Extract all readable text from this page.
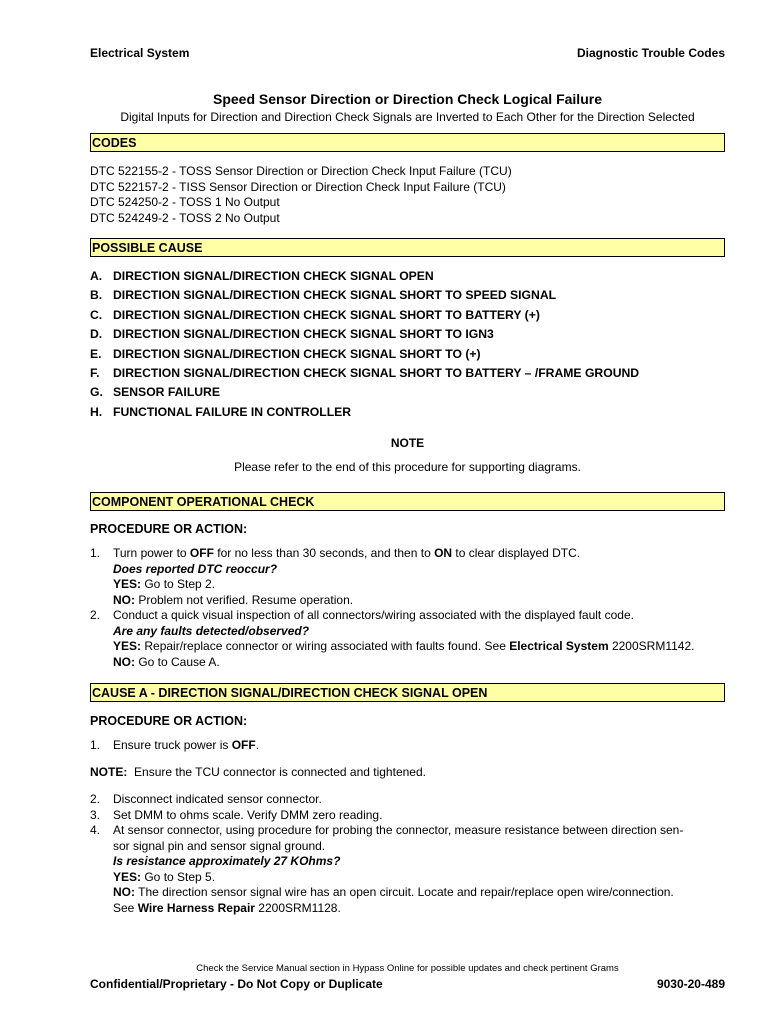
Electrical System	Diagnostic Trouble Codes
Speed Sensor Direction or Direction Check Logical Failure
Digital Inputs for Direction and Direction Check Signals are Inverted to Each Other for the Direction Selected
CODES
DTC 522155-2 - TOSS Sensor Direction or Direction Check Input Failure (TCU)
DTC 522157-2 - TISS Sensor Direction or Direction Check Input Failure (TCU)
DTC 524250-2 - TOSS 1 No Output
DTC 524249-2 - TOSS 2 No Output
POSSIBLE CAUSE
A. DIRECTION SIGNAL/DIRECTION CHECK SIGNAL OPEN
B. DIRECTION SIGNAL/DIRECTION CHECK SIGNAL SHORT TO SPEED SIGNAL
C. DIRECTION SIGNAL/DIRECTION CHECK SIGNAL SHORT TO BATTERY (+)
D. DIRECTION SIGNAL/DIRECTION CHECK SIGNAL SHORT TO IGN3
E. DIRECTION SIGNAL/DIRECTION CHECK SIGNAL SHORT TO (+)
F. DIRECTION SIGNAL/DIRECTION CHECK SIGNAL SHORT TO BATTERY – /FRAME GROUND
G. SENSOR FAILURE
H. FUNCTIONAL FAILURE IN CONTROLLER
NOTE
Please refer to the end of this procedure for supporting diagrams.
COMPONENT OPERATIONAL CHECK
PROCEDURE OR ACTION:
1. Turn power to OFF for no less than 30 seconds, and then to ON to clear displayed DTC.
Does reported DTC reoccur?
YES: Go to Step 2.
NO: Problem not verified. Resume operation.
2. Conduct a quick visual inspection of all connectors/wiring associated with the displayed fault code.
Are any faults detected/observed?
YES: Repair/replace connector or wiring associated with faults found. See Electrical System 2200SRM1142.
NO: Go to Cause A.
CAUSE A - DIRECTION SIGNAL/DIRECTION CHECK SIGNAL OPEN
PROCEDURE OR ACTION:
1. Ensure truck power is OFF.
NOTE:  Ensure the TCU connector is connected and tightened.
2. Disconnect indicated sensor connector.
3. Set DMM to ohms scale. Verify DMM zero reading.
4. At sensor connector, using procedure for probing the connector, measure resistance between direction sen-
sor signal pin and sensor signal ground.
Is resistance approximately 27 KOhms?
YES: Go to Step 5.
NO: The direction sensor signal wire has an open circuit. Locate and repair/replace open wire/connection.
See Wire Harness Repair 2200SRM1128.
Check the Service Manual section in Hypass Online for possible updates and check pertinent Grams
Confidential/Proprietary - Do Not Copy or Duplicate	9030-20-489
